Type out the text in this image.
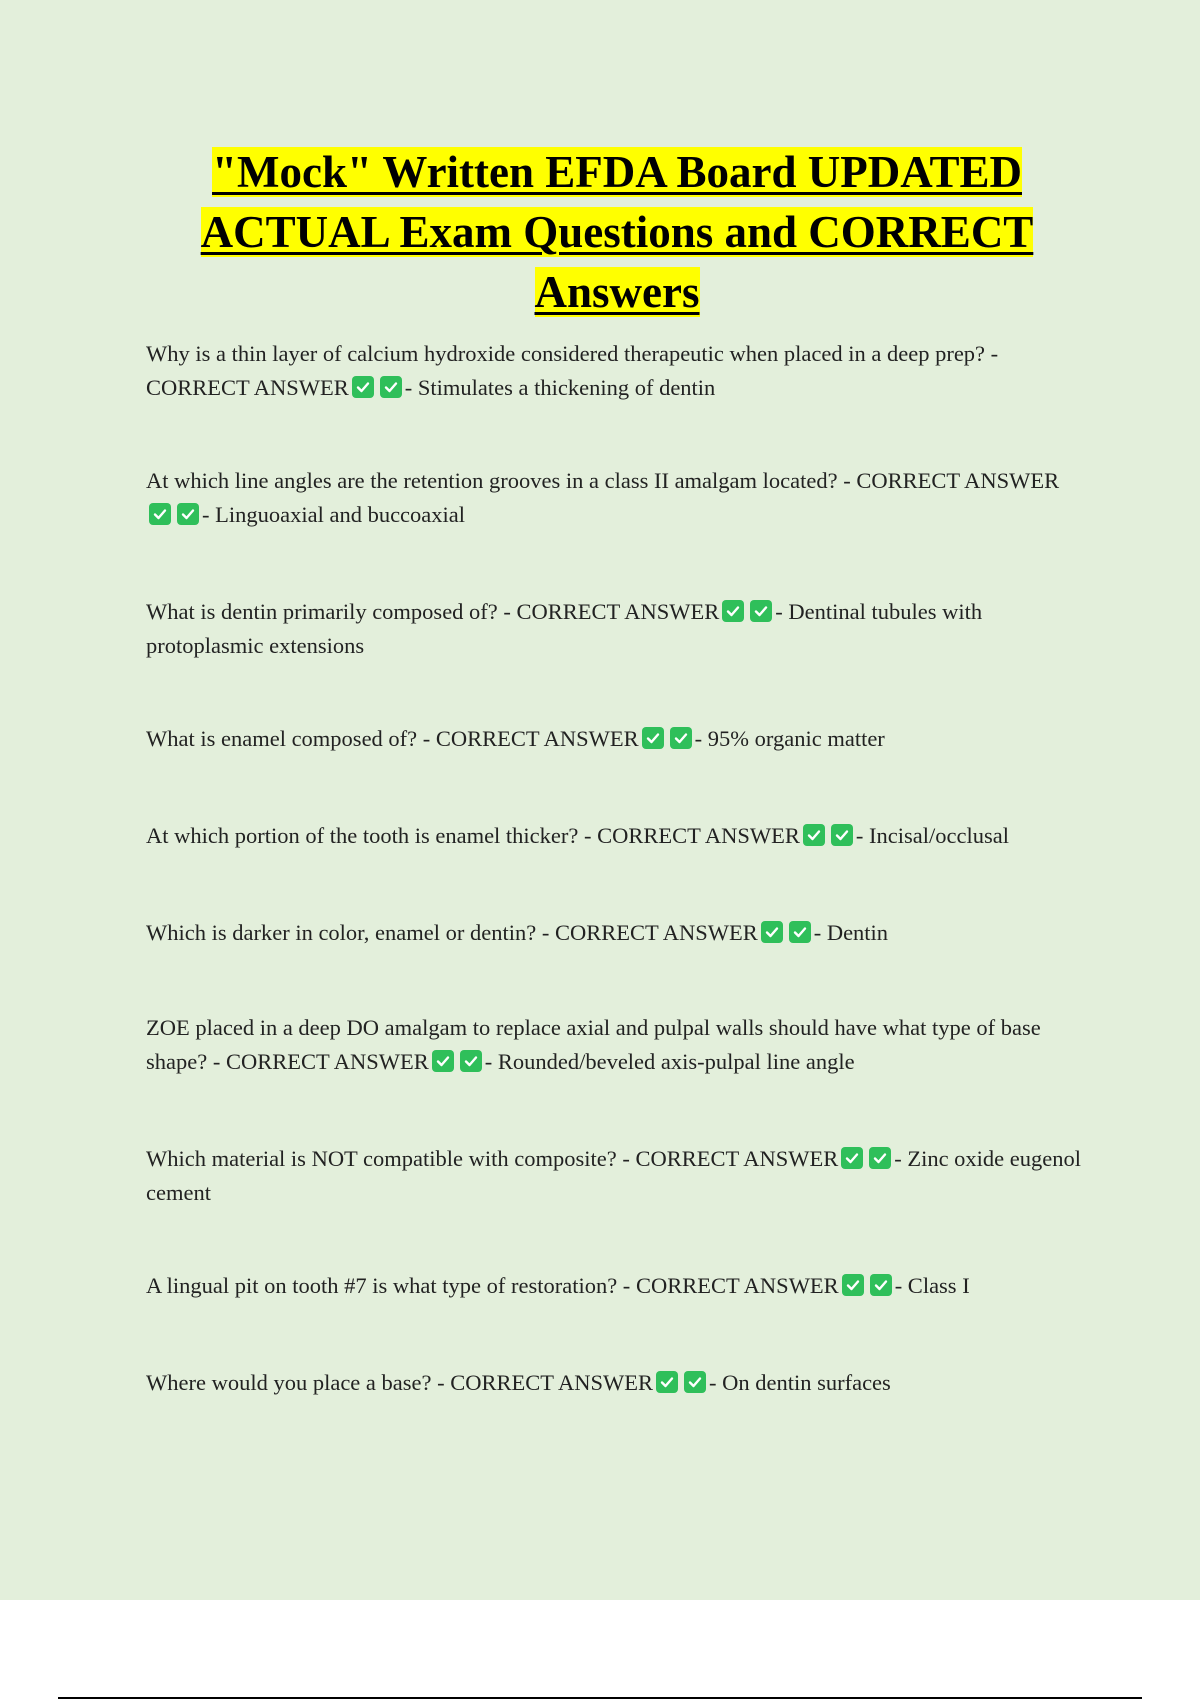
"Mock" Written EFDA Board UPDATED
ACTUAL Exam Questions and CORRECT
Answers
Why is a thin layer of calcium hydroxide considered therapeutic when placed in a deep prep? - CORRECT ANSWER - Stimulates a thickening of dentin
At which line angles are the retention grooves in a class II amalgam located? - CORRECT ANSWER
- Linguoaxial and buccoaxial
What is dentin primarily composed of? - CORRECT ANSWER - Dentinal tubules with protoplasmic extensions
What is enamel composed of? - CORRECT ANSWER - 95% organic matter
At which portion of the tooth is enamel thicker? - CORRECT ANSWER - Incisal/occlusal
Which is darker in color, enamel or dentin? - CORRECT ANSWER - Dentin
ZOE placed in a deep DO amalgam to replace axial and pulpal walls should have what type of base shape? - CORRECT ANSWER - Rounded/beveled axis-pulpal line angle
Which material is NOT compatible with composite? - CORRECT ANSWER - Zinc oxide eugenol cement
A lingual pit on tooth #7 is what type of restoration? - CORRECT ANSWER - Class I
Where would you place a base? - CORRECT ANSWER - On dentin surfaces
